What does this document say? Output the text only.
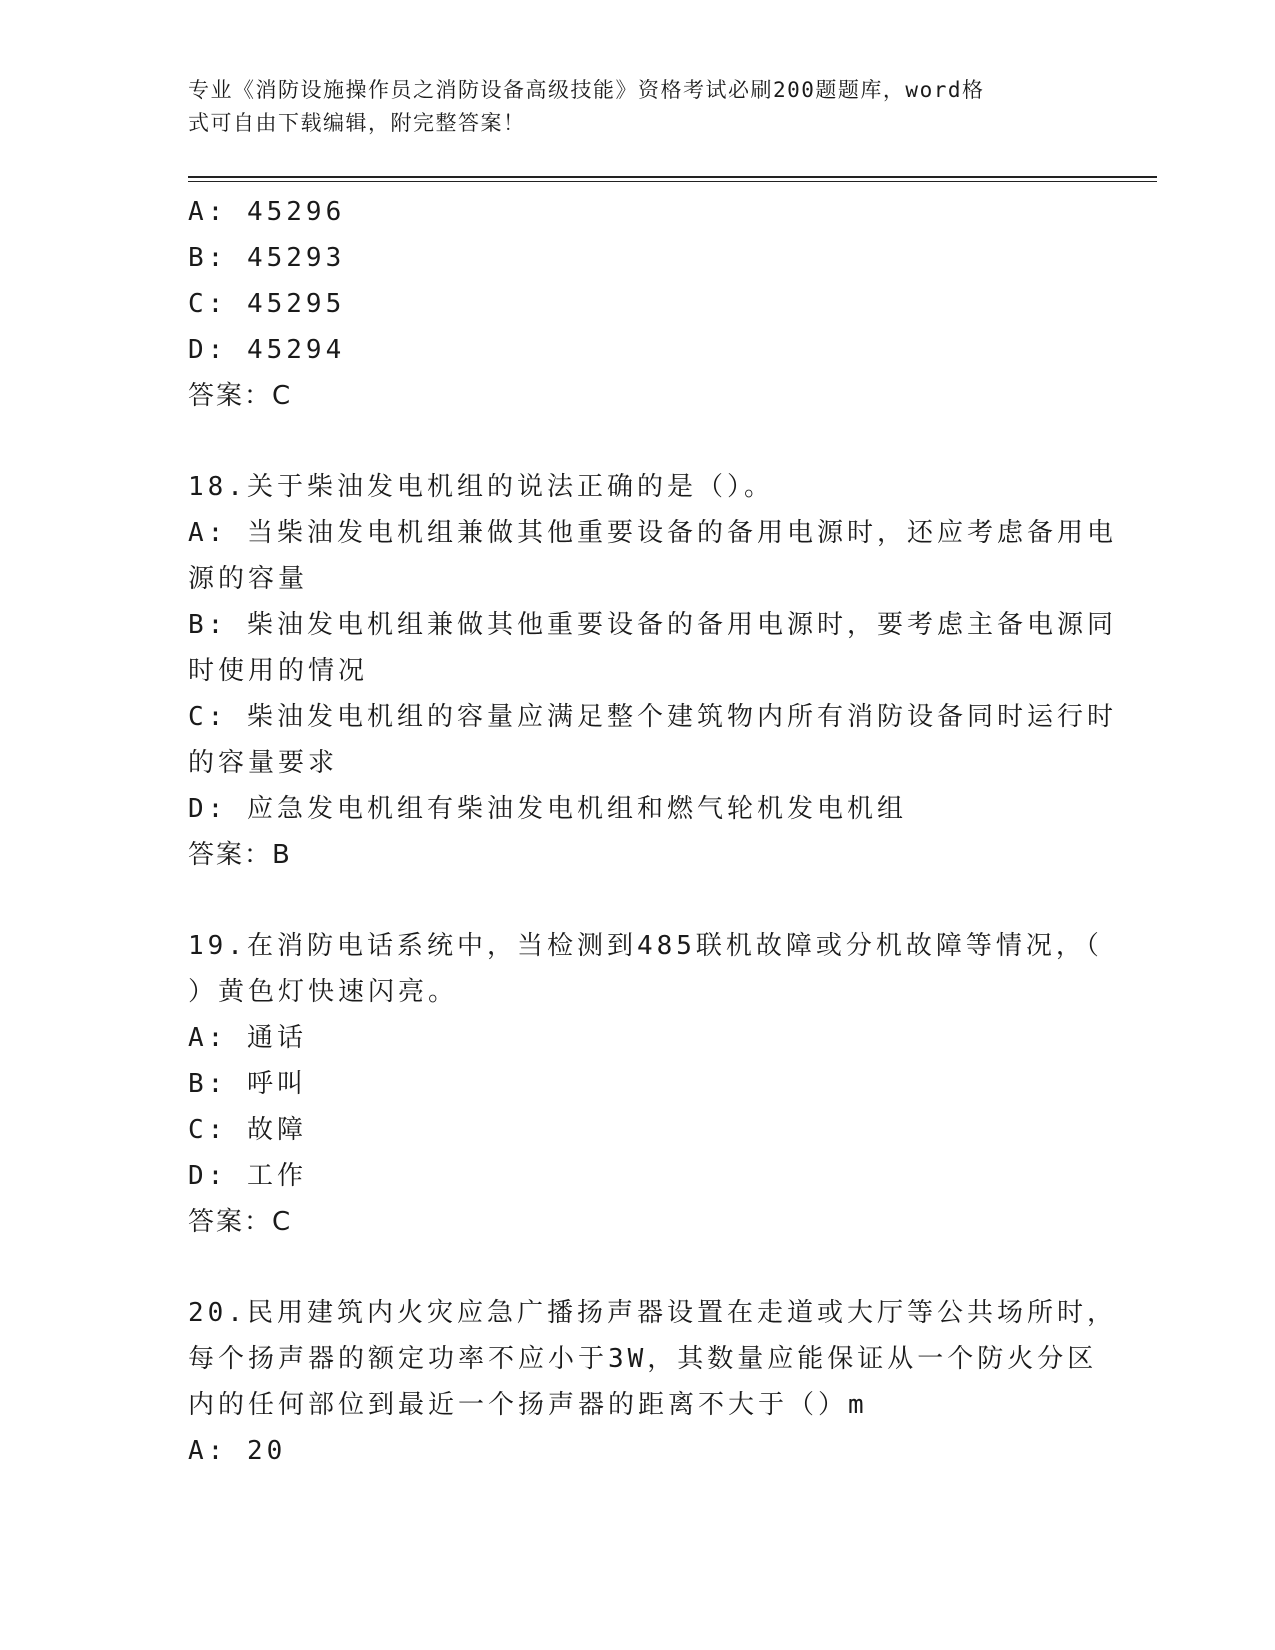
专业《消防设施操作员之消防设备高级技能》资格考试必刷200题题库，word格
式可自由下载编辑，附完整答案！
A: 45296
B: 45293
C: 45295
D: 45294
答案：C
18.关于柴油发电机组的说法正确的是（）。
A: 当柴油发电机组兼做其他重要设备的备用电源时，还应考虑备用电
源的容量
B: 柴油发电机组兼做其他重要设备的备用电源时，要考虑主备电源同
时使用的情况
C: 柴油发电机组的容量应满足整个建筑物内所有消防设备同时运行时
的容量要求
D: 应急发电机组有柴油发电机组和燃气轮机发电机组
答案：B
19.在消防电话系统中，当检测到485联机故障或分机故障等情况，（
）黄色灯快速闪亮。
A: 通话
B: 呼叫
C: 故障
D: 工作
答案：C
20.民用建筑内火灾应急广播扬声器设置在走道或大厅等公共场所时，
每个扬声器的额定功率不应小于3W，其数量应能保证从一个防火分区
内的任何部位到最近一个扬声器的距离不大于（）m
A: 20
